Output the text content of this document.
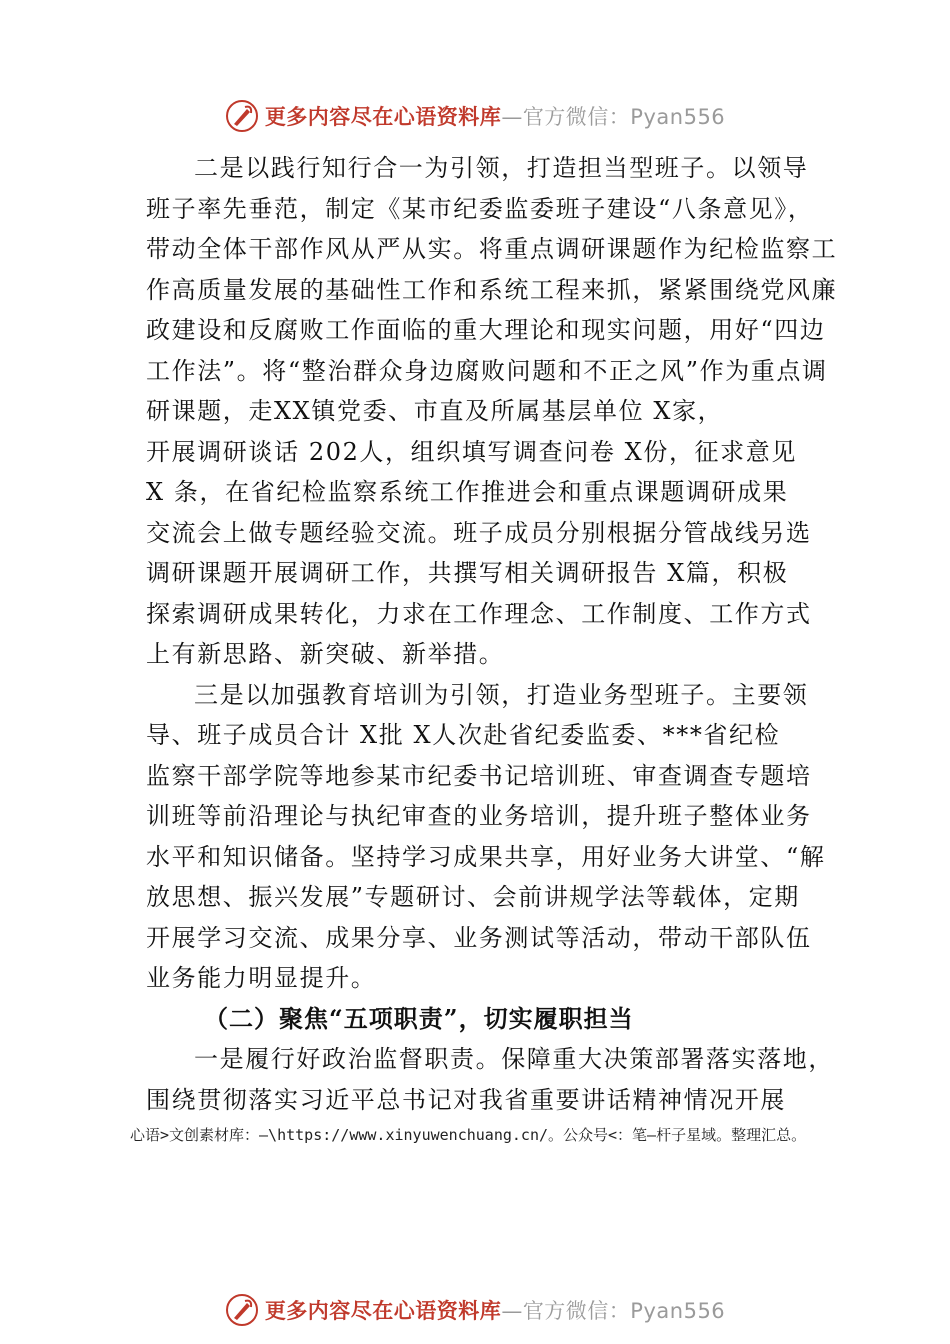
更多内容尽在心语资料库—官方微信：Pyan556
二是以践行知行合一为引领，打造担当型班子。以领导
班子率先垂范，制定《某市纪委监委班子建设“八条意见》，
带动全体干部作风从严从实。将重点调研课题作为纪检监察工
作高质量发展的基础性工作和系统工程来抓，紧紧围绕党风廉
政建设和反腐败工作面临的重大理论和现实问题，用好“四边
工作法”。将“整治群众身边腐败问题和不正之风”作为重点调
研课题，走XX镇党委、市直及所属基层单位 X家，
开展调研谈话 202人，组织填写调查问卷 X份，征求意见
X 条，在省纪检监察系统工作推进会和重点课题调研成果
交流会上做专题经验交流。班子成员分别根据分管战线另选
调研课题开展调研工作，共撰写相关调研报告 X篇，积极
探索调研成果转化，力求在工作理念、工作制度、工作方式
上有新思路、新突破、新举措。
三是以加强教育培训为引领，打造业务型班子。主要领
导、班子成员合计 X批 X人次赴省纪委监委、***省纪检
监察干部学院等地参某市纪委书记培训班、审查调查专题培
训班等前沿理论与执纪审查的业务培训，提升班子整体业务
水平和知识储备。坚持学习成果共享，用好业务大讲堂、“解
放思想、振兴发展”专题研讨、会前讲规学法等载体，定期
开展学习交流、成果分享、业务测试等活动，带动干部队伍
业务能力明显提升。
（二）聚焦“五项职责”，切实履职担当
一是履行好政治监督职责。保障重大决策部署落实落地，
围绕贯彻落实习近平总书记对我省重要讲话精神情况开展
心语>文创素材库：—\https://www.xinyuwenchuang.cn/。公众号<：笔—杆子星域。整理汇总。
更多内容尽在心语资料库—官方微信：Pyan556
